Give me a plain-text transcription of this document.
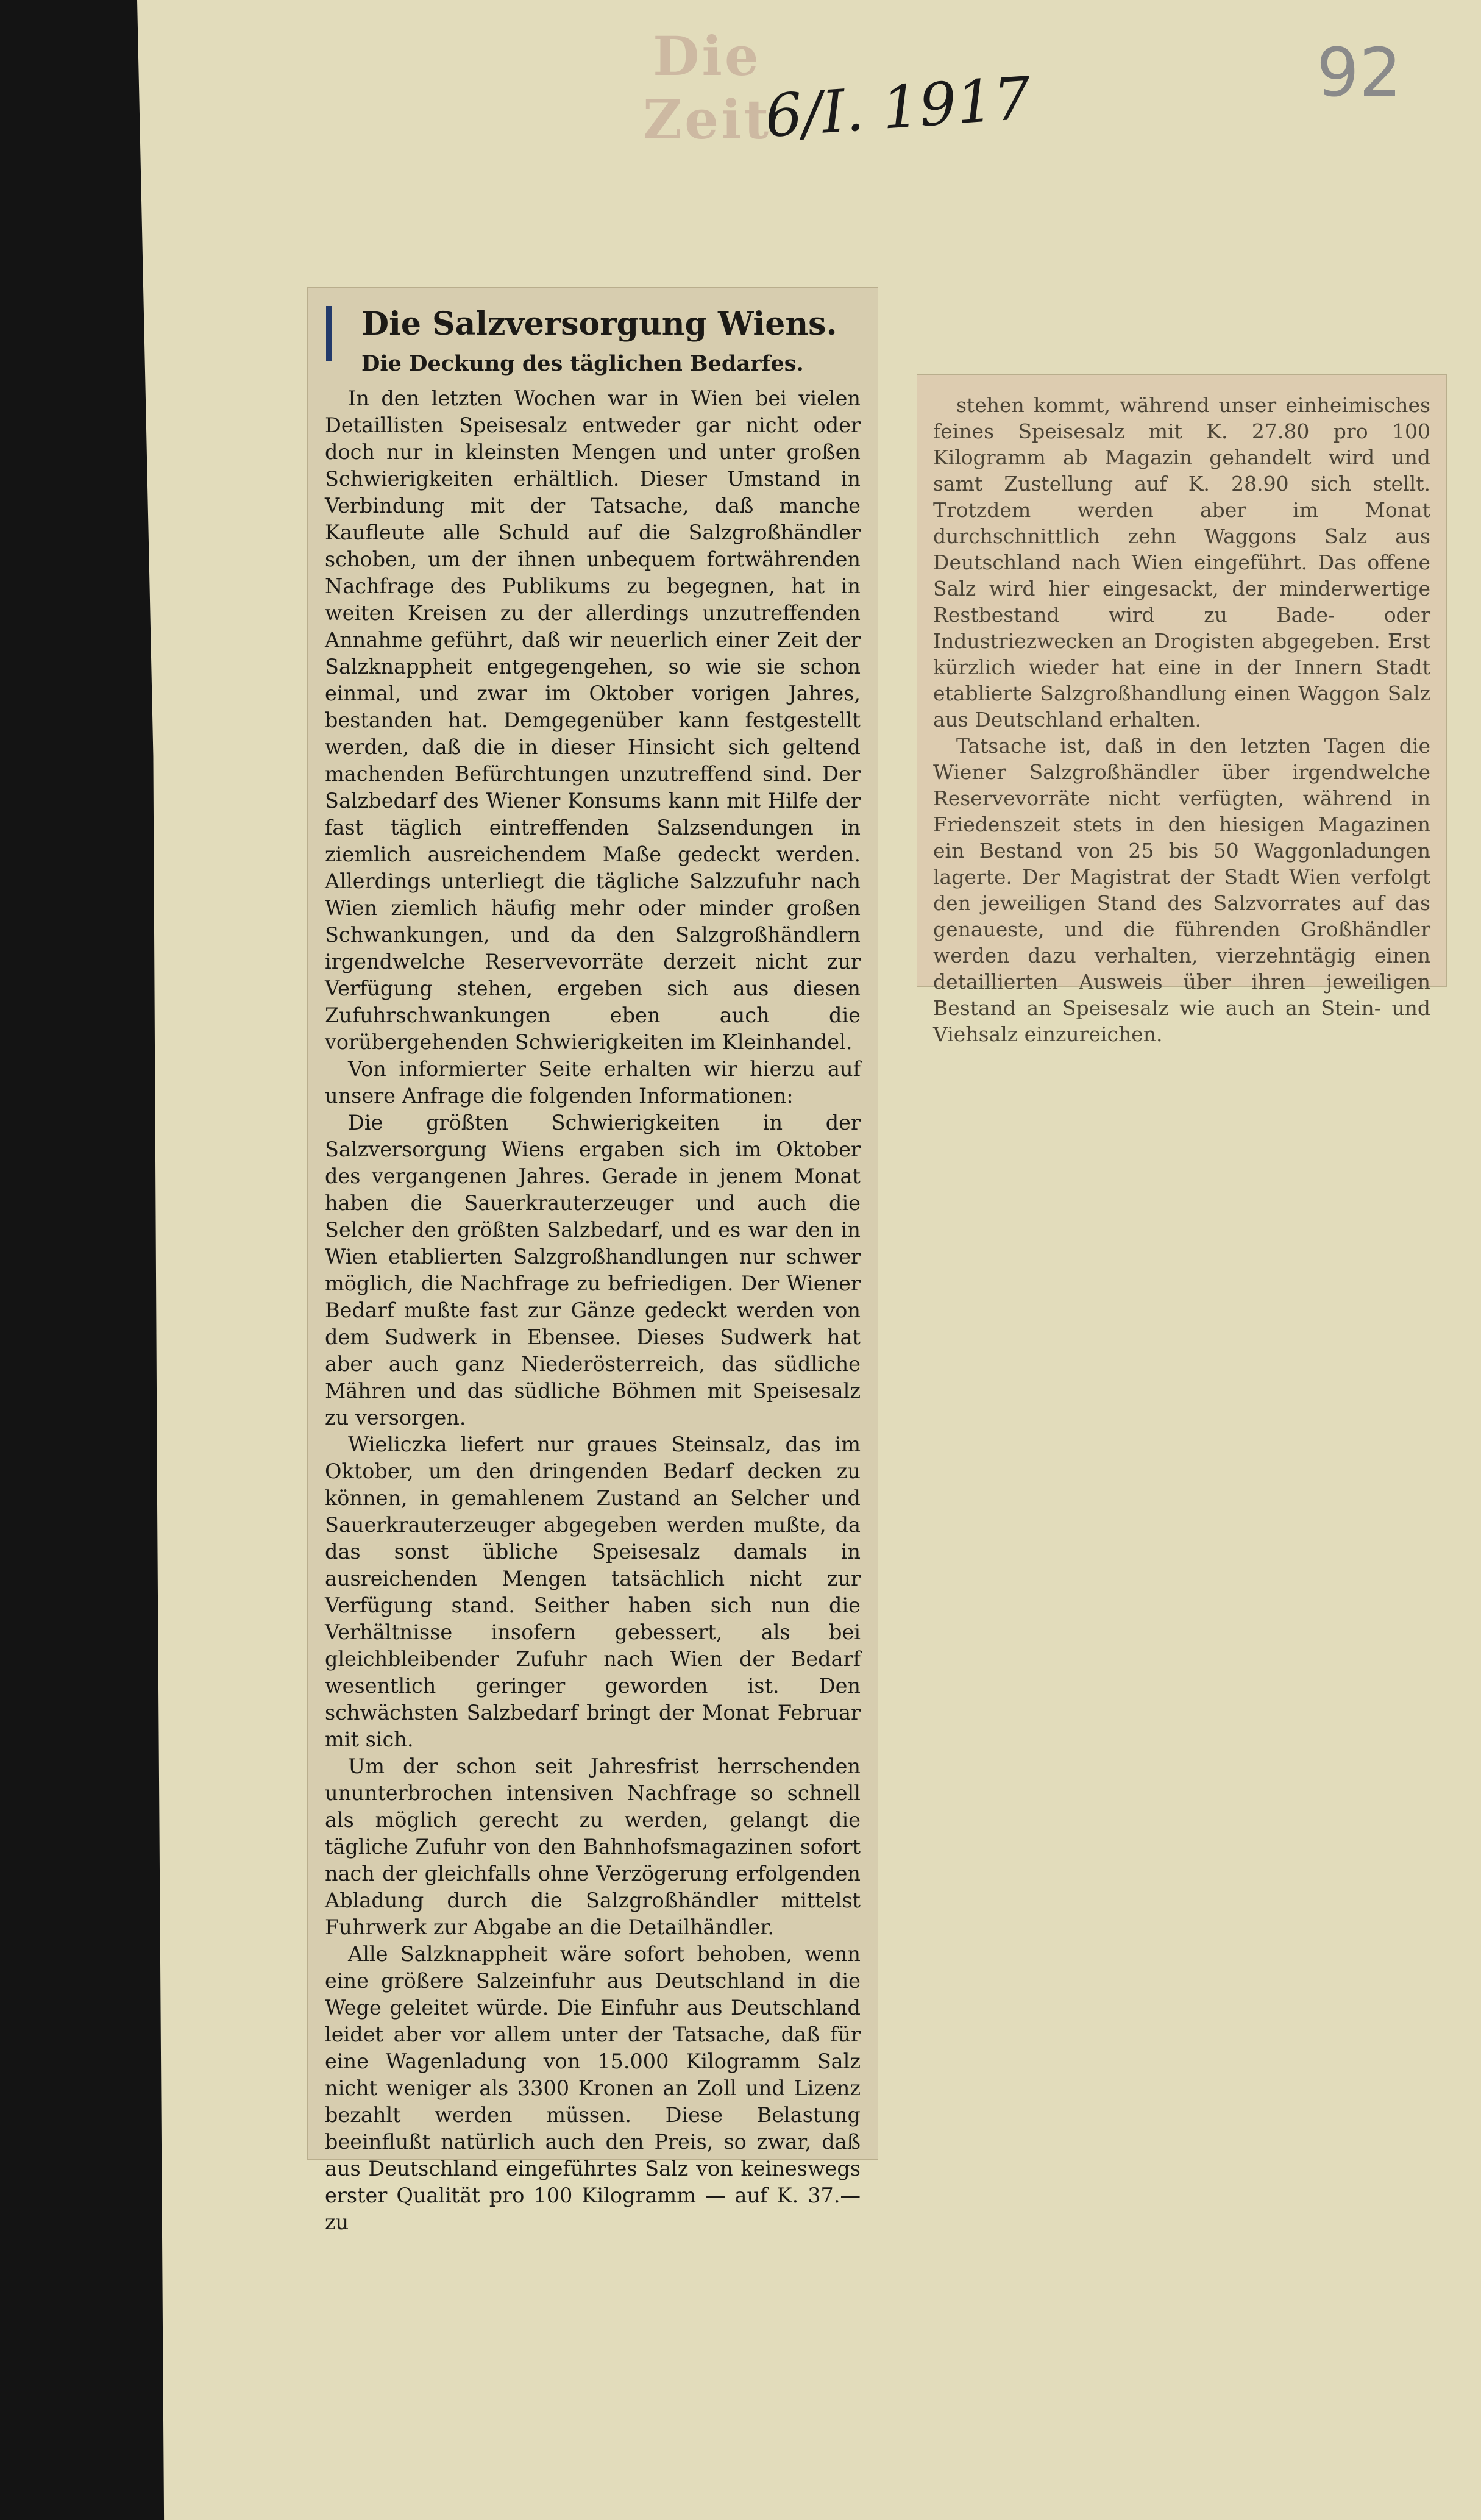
Die Zeit
6/I. 1917	92
Die Salzversorgung Wiens.
Die Deckung des täglichen Bedarfes.

In den letzten Wochen war in Wien bei vielen Detaillisten Speisesalz entweder gar nicht oder doch nur in kleinsten Mengen und unter großen Schwierigkeiten erhältlich. Dieser Umstand in Verbindung mit der Tatsache, daß manche Kaufleute alle Schuld auf die Salzgroßhändler schoben, um der ihnen unbequem fortwährenden Nachfrage des Publikums zu begegnen, hat in weiten Kreisen zu der allerdings unzutreffenden Annahme geführt, daß wir neuerlich einer Zeit der Salzknappheit entgegengehen, so wie sie schon einmal, und zwar im Oktober vorigen Jahres, bestanden hat. Demgegenüber kann festgestellt werden, daß die in dieser Hinsicht sich geltend machenden Befürchtungen unzutreffend sind. Der Salzbedarf des Wiener Konsums kann mit Hilfe der fast täglich eintreffenden Salzsendungen in ziemlich ausreichendem Maße gedeckt werden. Allerdings unterliegt die tägliche Salzzufuhr nach Wien ziemlich häufig mehr oder minder großen Schwankungen, und da den Salzgroßhändlern irgendwelche Reservevorräte derzeit nicht zur Verfügung stehen, ergeben sich aus diesen Zufuhrschwankungen eben auch die vorübergehenden Schwierigkeiten im Kleinhandel.

Von informierter Seite erhalten wir hierzu auf unsere Anfrage die folgenden Informationen:

Die größten Schwierigkeiten in der Salzversorgung Wiens ergaben sich im Oktober des vergangenen Jahres. Gerade in jenem Monat haben die Sauerkrauterzeuger und auch die Selcher den größten Salzbedarf, und es war den in Wien etablierten Salzgroßhandlungen nur schwer möglich, die Nachfrage zu befriedigen. Der Wiener Bedarf mußte fast zur Gänze gedeckt werden von dem Sudwerk in Ebensee. Dieses Sudwerk hat aber auch ganz Niederösterreich, das südliche Mähren und das südliche Böhmen mit Speisesalz zu versorgen.

Wieliczka liefert nur graues Steinsalz, das im Oktober, um den dringenden Bedarf decken zu können, in gemahlenem Zustand an Selcher und Sauerkrauterzeuger abgegeben werden mußte, da das sonst übliche Speisesalz damals in ausreichenden Mengen tatsächlich nicht zur Verfügung stand. Seither haben sich nun die Verhältnisse insofern gebessert, als bei gleichbleibender Zufuhr nach Wien der Bedarf wesentlich geringer geworden ist. Den schwächsten Salzbedarf bringt der Monat Februar mit sich.

Um der schon seit Jahresfrist herrschenden ununterbrochen intensiven Nachfrage so schnell als möglich gerecht zu werden, gelangt die tägliche Zufuhr von den Bahnhofsmagazinen sofort nach der gleichfalls ohne Verzögerung erfolgenden Abladung durch die Salzgroßhändler mittelst Fuhrwerk zur Abgabe an die Detailhändler.

Alle Salzknappheit wäre sofort behoben, wenn eine größere Salzeinfuhr aus Deutschland in die Wege geleitet würde. Die Einfuhr aus Deutschland leidet aber vor allem unter der Tatsache, daß für eine Wagenladung von 15.000 Kilogramm Salz nicht weniger als 3300 Kronen an Zoll und Lizenz bezahlt werden müssen. Diese Belastung beeinflußt natürlich auch den Preis, so zwar, daß aus Deutschland eingeführtes Salz von keineswegs erster Qualität pro 100 Kilogramm — auf K. 37.— zu

stehen kommt, während unser einheimisches feines Speisesalz mit K. 27.80 pro 100 Kilogramm ab Magazin gehandelt wird und samt Zustellung auf K. 28.90 sich stellt. Trotzdem werden aber im Monat durchschnittlich zehn Waggons Salz aus Deutschland nach Wien eingeführt. Das offene Salz wird hier eingesackt, der minderwertige Restbestand wird zu Bade- oder Industriezwecken an Drogisten abgegeben. Erst kürzlich wieder hat eine in der Innern Stadt etablierte Salzgroßhandlung einen Waggon Salz aus Deutschland erhalten.

Tatsache ist, daß in den letzten Tagen die Wiener Salzgroßhändler über irgendwelche Reservevorräte nicht verfügten, während in Friedenszeit stets in den hiesigen Magazinen ein Bestand von 25 bis 50 Waggonladungen lagerte. Der Magistrat der Stadt Wien verfolgt den jeweiligen Stand des Salzvorrates auf das genaueste, und die führenden Großhändler werden dazu verhalten, vierzehntägig einen detaillierten Ausweis über ihren jeweiligen Bestand an Speisesalz wie auch an Stein- und Viehsalz einzureichen.
